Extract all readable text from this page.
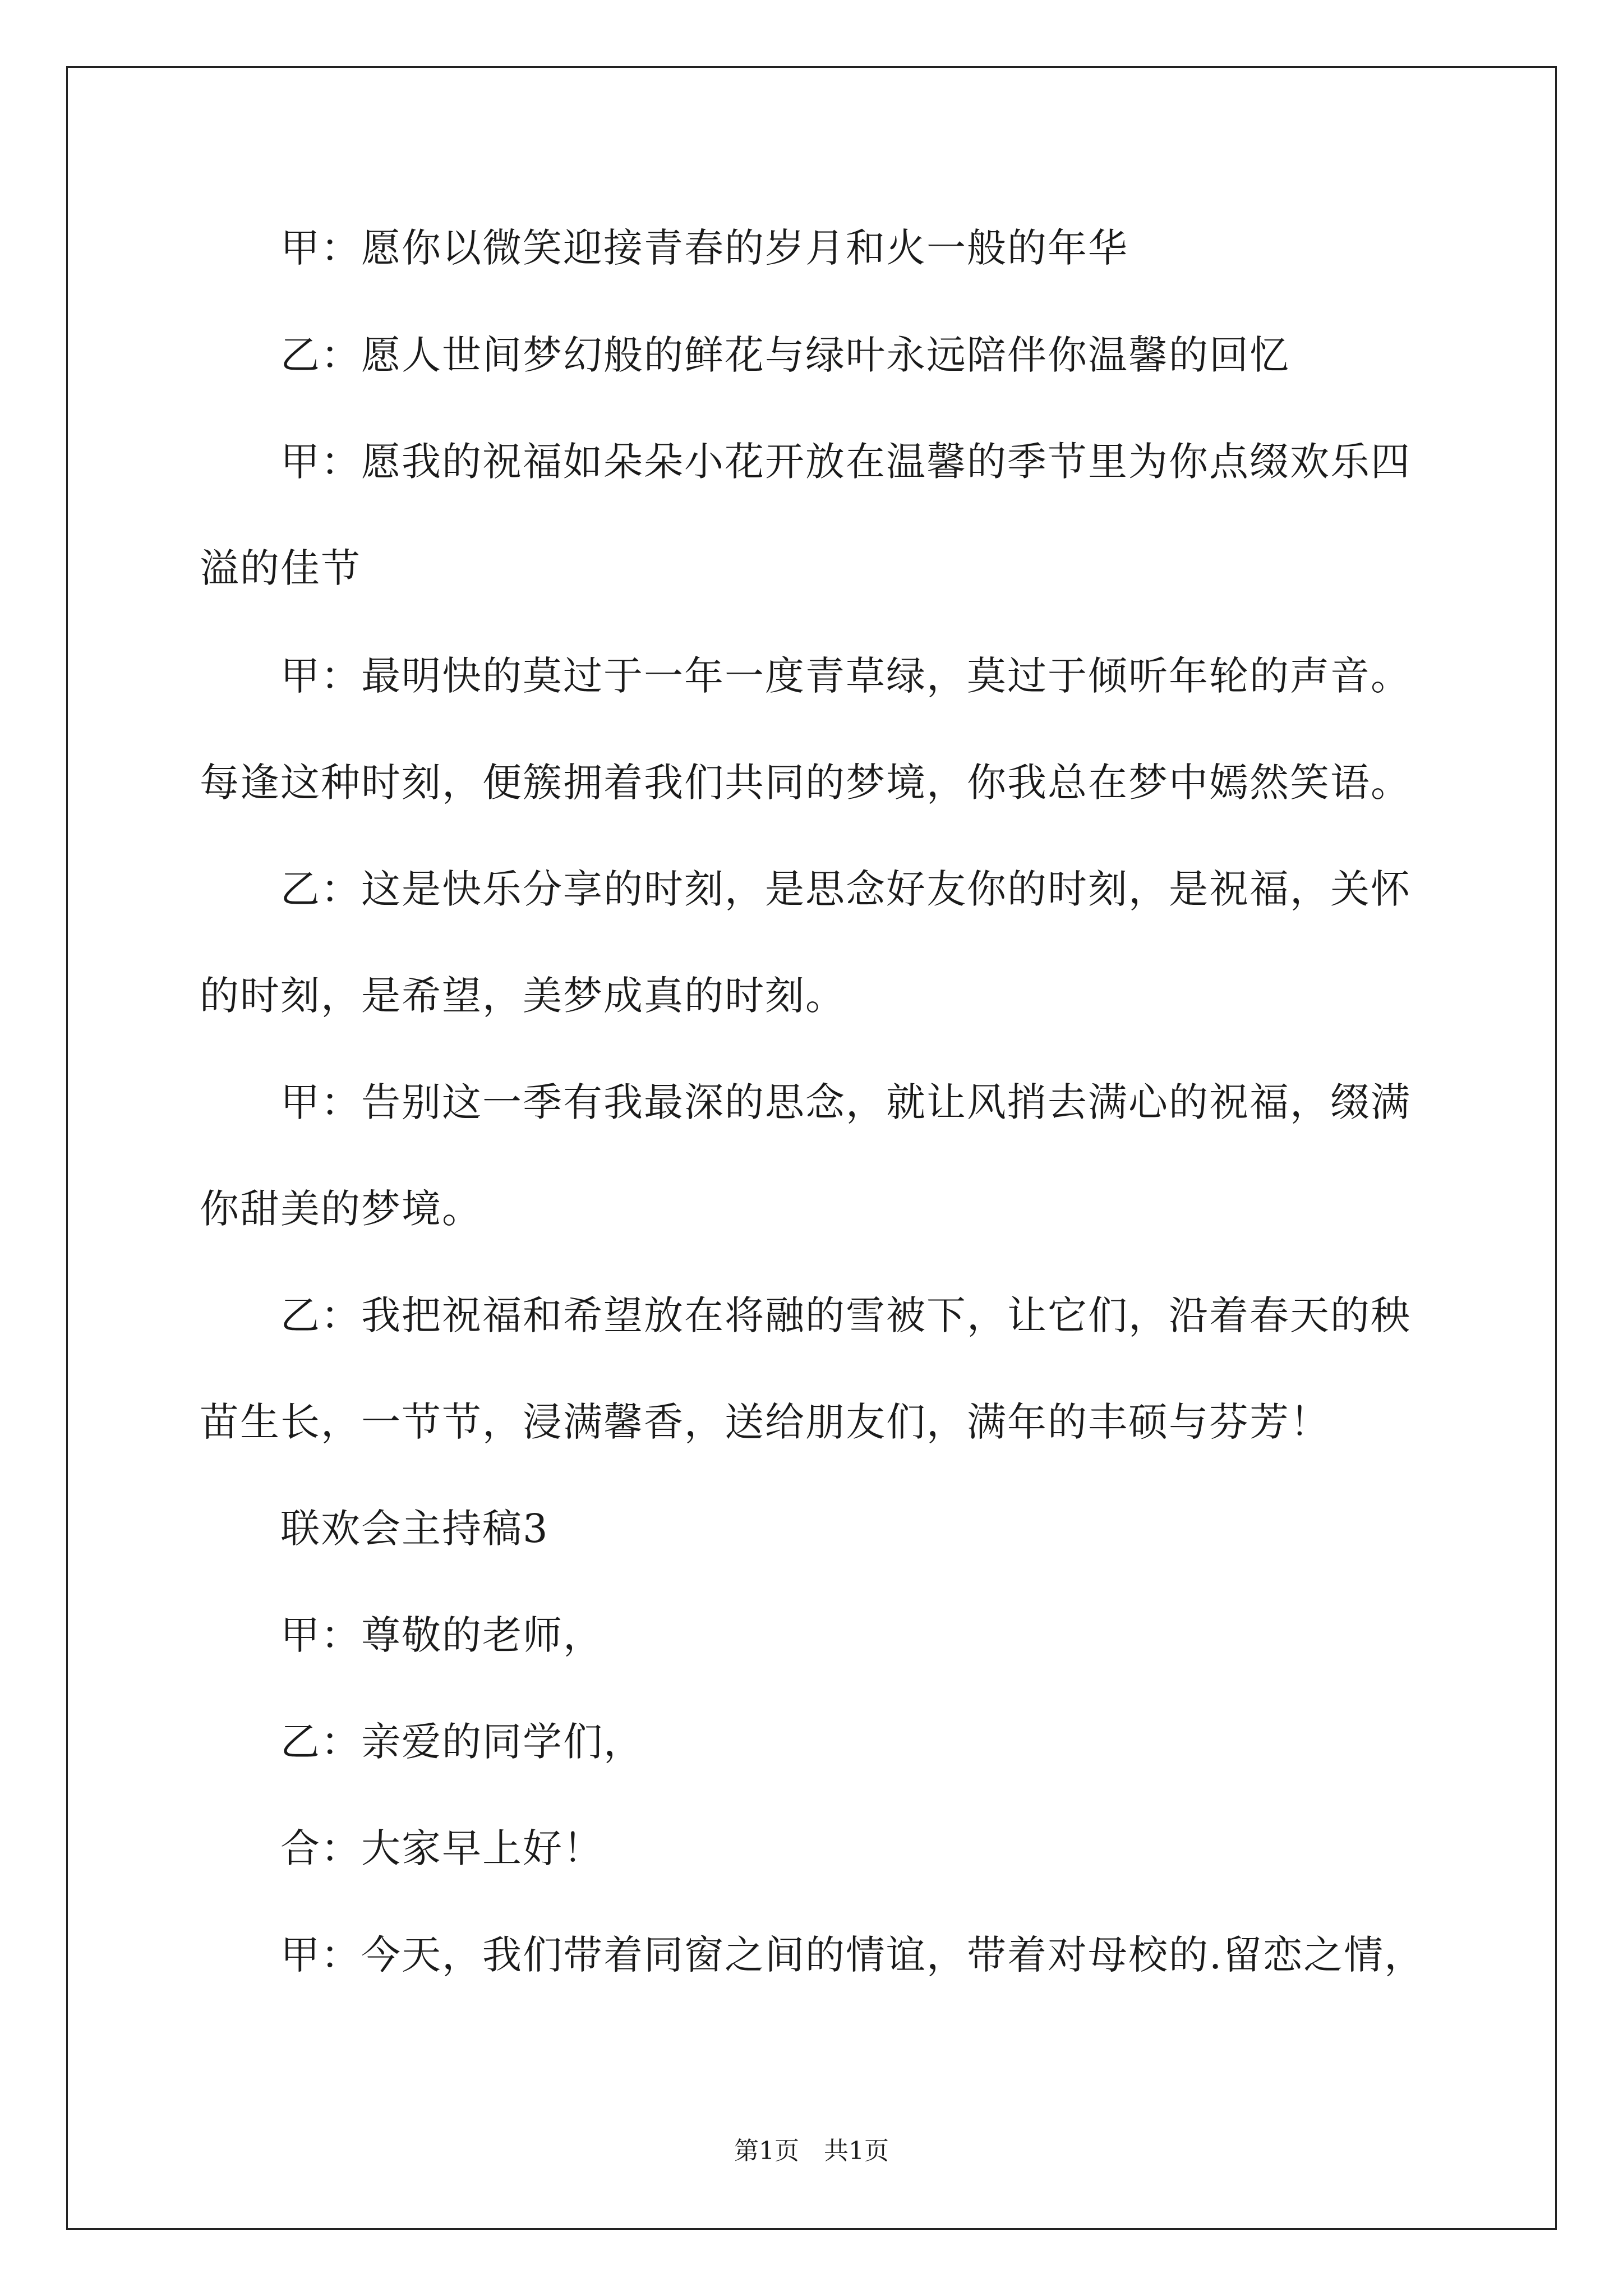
甲：愿你以微笑迎接青春的岁月和火一般的年华
乙：愿人世间梦幻般的鲜花与绿叶永远陪伴你温馨的回忆
甲：愿我的祝福如朵朵小花开放在温馨的季节里为你点缀欢乐四
溢的佳节
甲：最明快的莫过于一年一度青草绿，莫过于倾听年轮的声音。
每逢这种时刻，便簇拥着我们共同的梦境，你我总在梦中嫣然笑语。
乙：这是快乐分享的时刻，是思念好友你的时刻，是祝福，关怀
的时刻，是希望，美梦成真的时刻。
甲：告别这一季有我最深的思念，就让风捎去满心的祝福，缀满
你甜美的梦境。
乙：我把祝福和希望放在将融的雪被下，让它们，沿着春天的秧
苗生长，一节节，浸满馨香，送给朋友们，满年的丰硕与芬芳！
联欢会主持稿3
甲：尊敬的老师，
乙：亲爱的同学们，
合：大家早上好！
甲：今天，我们带着同窗之间的情谊，带着对母校的.留恋之情，
第1页　共1页
